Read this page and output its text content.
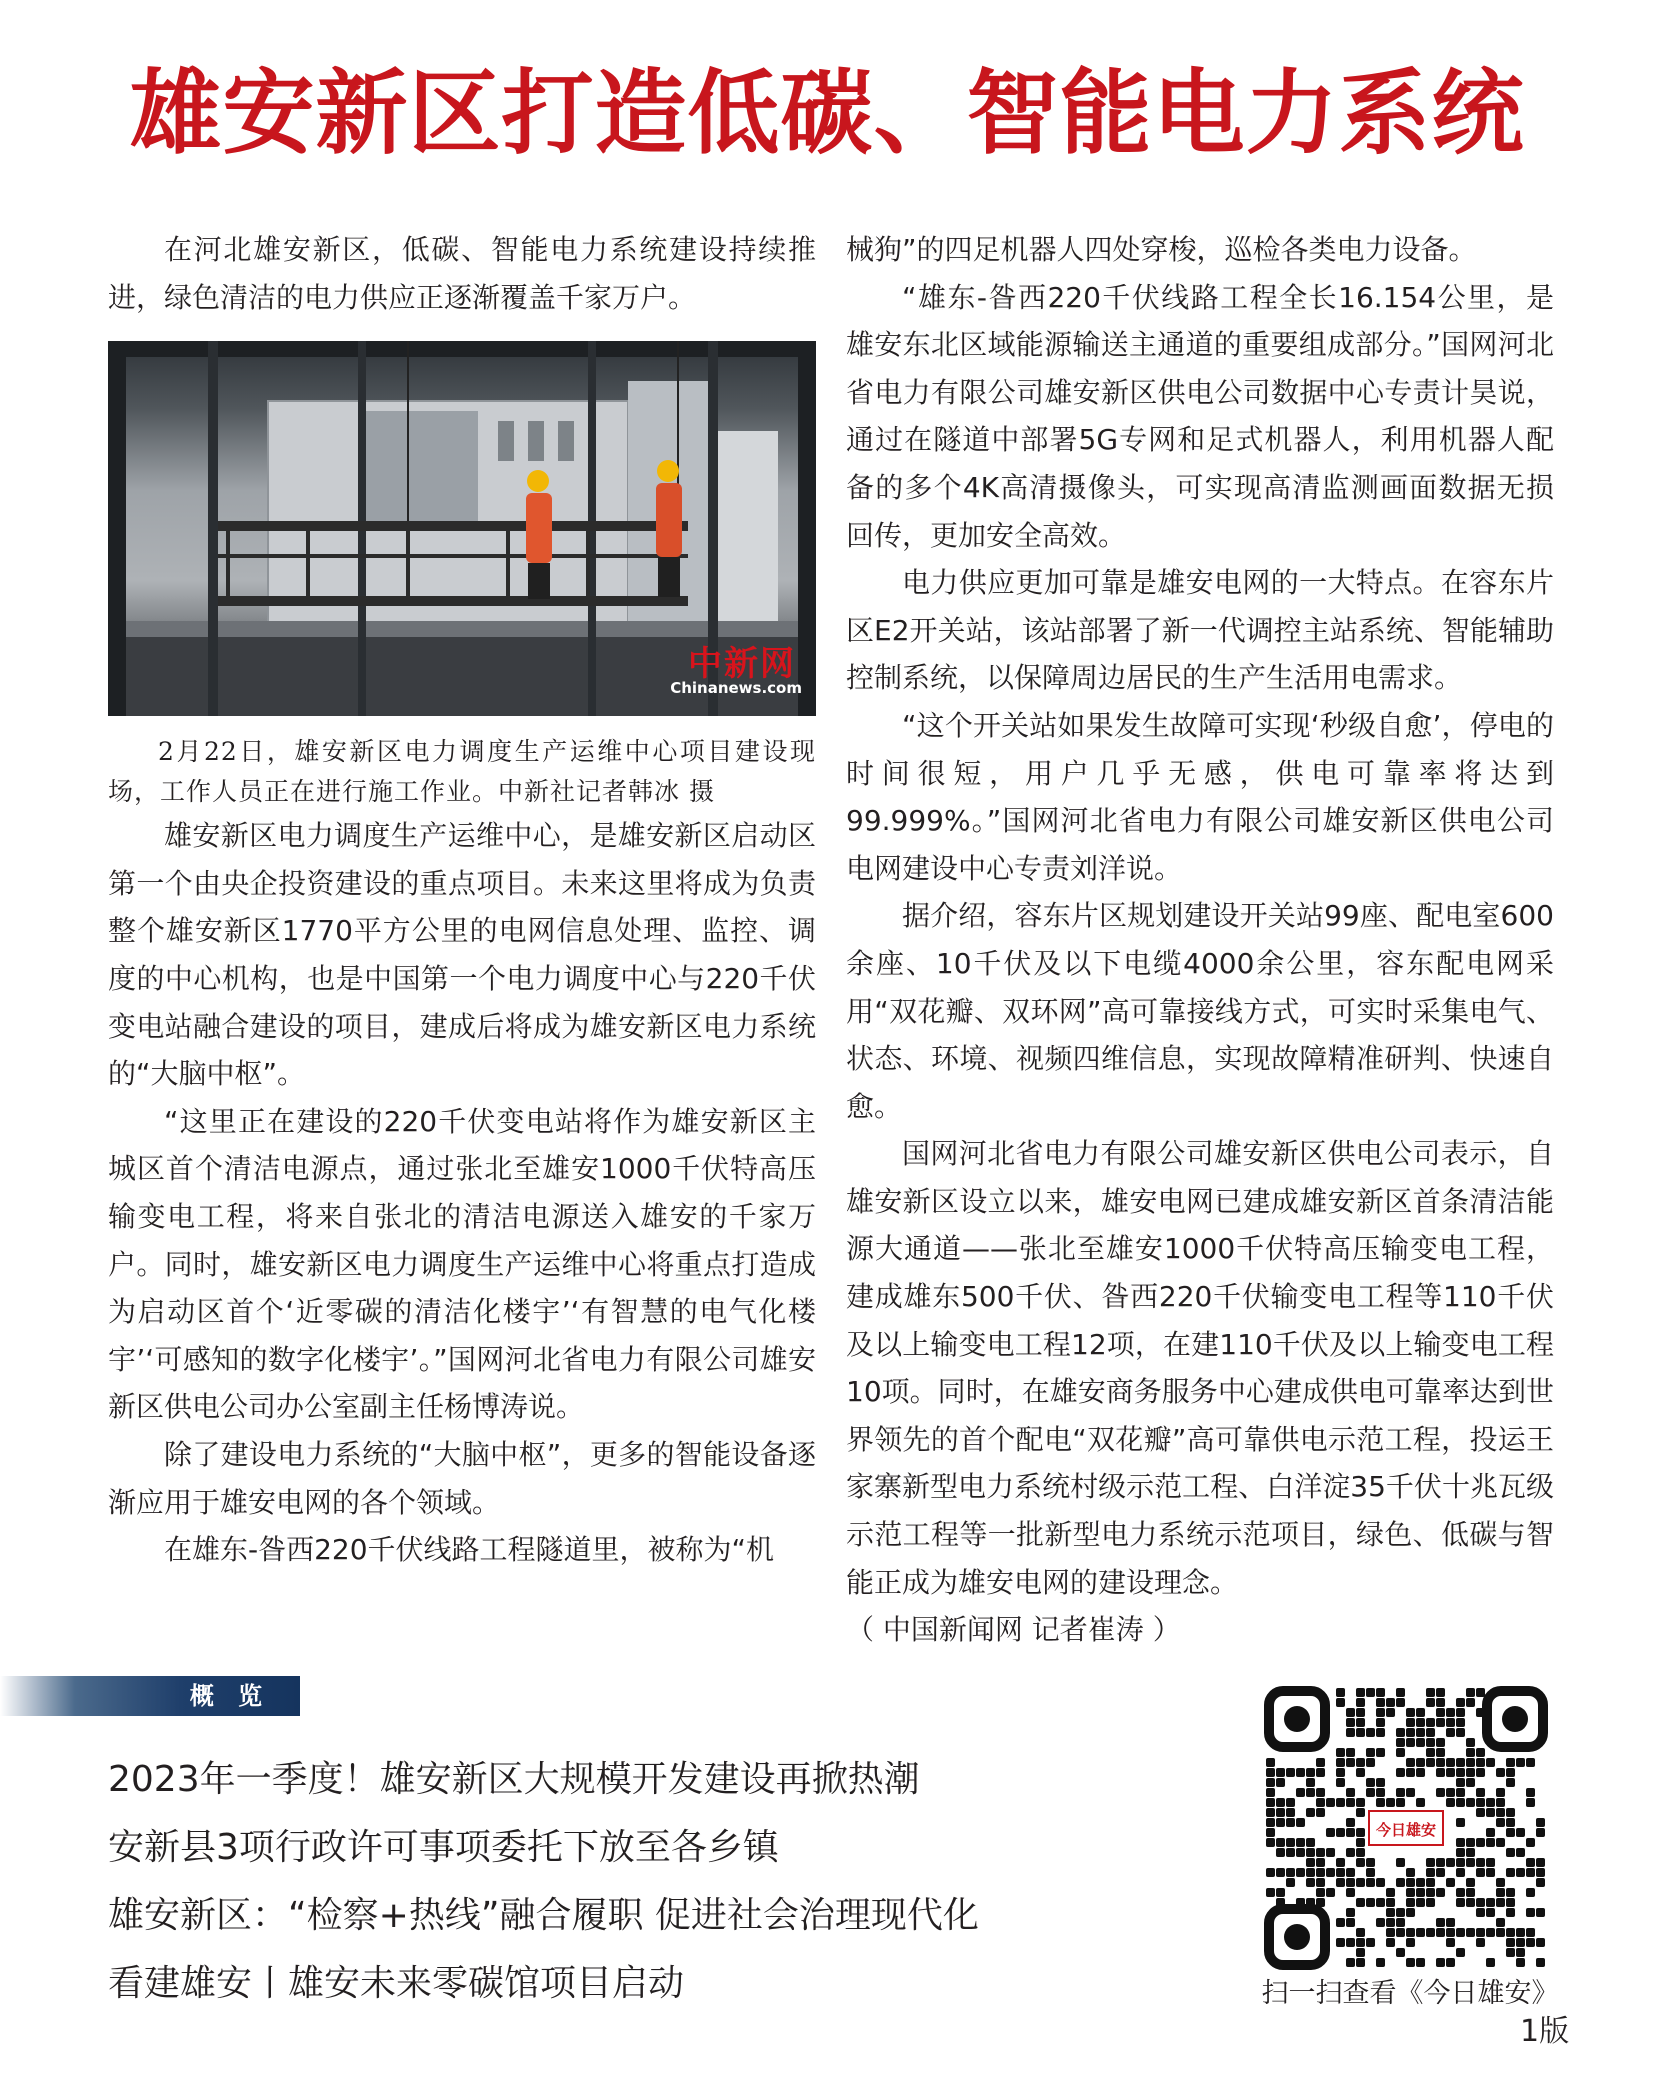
雄安新区打造低碳、智能电力系统

在河北雄安新区，低碳、智能电力系统建设持续推进，绿色清洁的电力供应正逐渐覆盖千家万户。

中新网
Chinanews.com

2月22日，雄安新区电力调度生产运维中心项目建设现场，工作人员正在进行施工作业。中新社记者韩冰 摄

雄安新区电力调度生产运维中心，是雄安新区启动区第一个由央企投资建设的重点项目。未来这里将成为负责整个雄安新区1770平方公里的电网信息处理、监控、调度的中心机构，也是中国第一个电力调度中心与220千伏变电站融合建设的项目，建成后将成为雄安新区电力系统的“大脑中枢”。

“这里正在建设的220千伏变电站将作为雄安新区主城区首个清洁电源点，通过张北至雄安1000千伏特高压输变电工程，将来自张北的清洁电源送入雄安的千家万户。同时，雄安新区电力调度生产运维中心将重点打造成为启动区首个‘近零碳的清洁化楼宇’‘有智慧的电气化楼宇’‘可感知的数字化楼宇’。”国网河北省电力有限公司雄安新区供电公司办公室副主任杨博涛说。

除了建设电力系统的“大脑中枢”，更多的智能设备逐渐应用于雄安电网的各个领域。

在雄东-昝西220千伏线路工程隧道里，被称为“机

械狗”的四足机器人四处穿梭，巡检各类电力设备。

“雄东-昝西220千伏线路工程全长16.154公里，是雄安东北区域能源输送主通道的重要组成部分。”国网河北省电力有限公司雄安新区供电公司数据中心专责计昊说，通过在隧道中部署5G专网和足式机器人，利用机器人配备的多个4K高清摄像头，可实现高清监测画面数据无损回传，更加安全高效。

电力供应更加可靠是雄安电网的一大特点。在容东片区E2开关站，该站部署了新一代调控主站系统、智能辅助控制系统，以保障周边居民的生产生活用电需求。

“这个开关站如果发生故障可实现‘秒级自愈’，停电的时间很短，用户几乎无感，供电可靠率将达到99.999%。”国网河北省电力有限公司雄安新区供电公司电网建设中心专责刘洋说。

据介绍，容东片区规划建设开关站99座、配电室600余座、10千伏及以下电缆4000余公里，容东配电网采用“双花瓣、双环网”高可靠接线方式，可实时采集电气、状态、环境、视频四维信息，实现故障精准研判、快速自愈。

国网河北省电力有限公司雄安新区供电公司表示，自雄安新区设立以来，雄安电网已建成雄安新区首条清洁能源大通道——张北至雄安1000千伏特高压输变电工程，建成雄东500千伏、昝西220千伏输变电工程等110千伏及以上输变电工程12项，在建110千伏及以上输变电工程10项。同时，在雄安商务服务中心建成供电可靠率达到世界领先的首个配电“双花瓣”高可靠供电示范工程，投运王家寨新型电力系统村级示范工程、白洋淀35千伏十兆瓦级示范工程等一批新型电力系统示范项目，绿色、低碳与智能正成为雄安电网的建设理念。

（ 中国新闻网 记者崔涛 ）

概 览
2023年一季度！雄安新区大规模开发建设再掀热潮
安新县3项行政许可事项委托下放至各乡镇
雄安新区：“检察+热线”融合履职 促进社会治理现代化
看建雄安丨雄安未来零碳馆项目启动
今日雄安
扫一扫查看《今日雄安》
1版
